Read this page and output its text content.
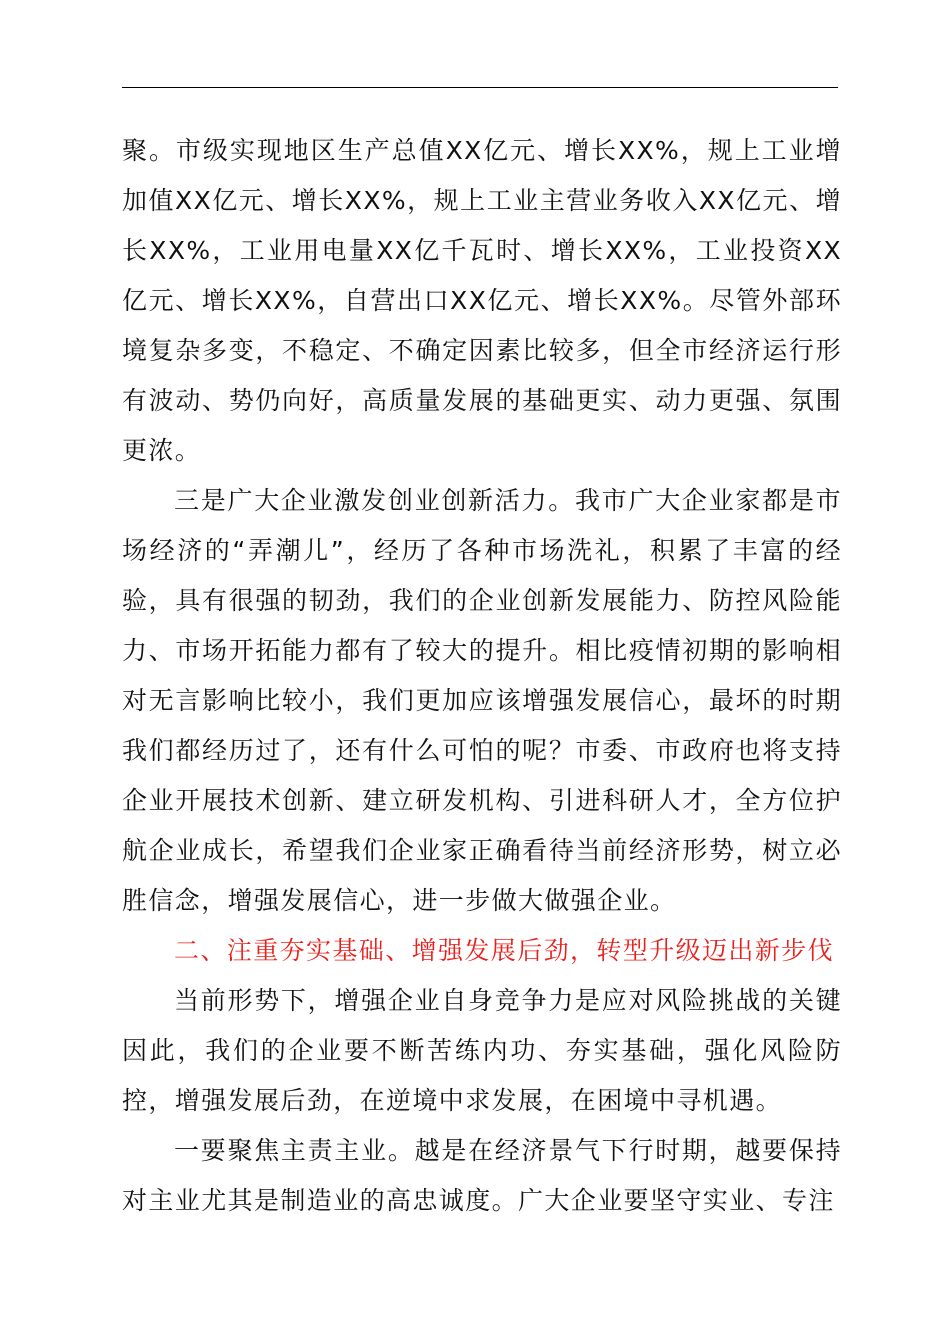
聚。市级实现地区生产总值XX亿元、增长XX%，规上工业增加值XX亿元、增长XX%，规上工业主营业务收入XX亿元、增长XX%，工业用电量XX亿千瓦时、增长XX%，工业投资XX亿元、增长XX%，自营出口XX亿元、增长XX%。尽管外部环境复杂多变，不稳定、不确定因素比较多，但全市经济运行形有波动、势仍向好，高质量发展的基础更实、动力更强、氛围更浓。

三是广大企业激发创业创新活力。我市广大企业家都是市场经济的“弄潮儿”，经历了各种市场洗礼，积累了丰富的经验，具有很强的韧劲，我们的企业创新发展能力、防控风险能力、市场开拓能力都有了较大的提升。相比疫情初期的影响相对无言影响比较小，我们更加应该增强发展信心，最坏的时期我们都经历过了，还有什么可怕的呢？市委、市政府也将支持企业开展技术创新、建立研发机构、引进科研人才，全方位护航企业成长，希望我们企业家正确看待当前经济形势，树立必胜信念，增强发展信心，进一步做大做强企业。

二、注重夯实基础、增强发展后劲，转型升级迈出新步伐

当前形势下，增强企业自身竞争力是应对风险挑战的关键因此，我们的企业要不断苦练内功、夯实基础，强化风险防控，增强发展后劲，在逆境中求发展，在困境中寻机遇。

一要聚焦主责主业。越是在经济景气下行时期，越要保持对主业尤其是制造业的高忠诚度。广大企业要坚守实业、专注
